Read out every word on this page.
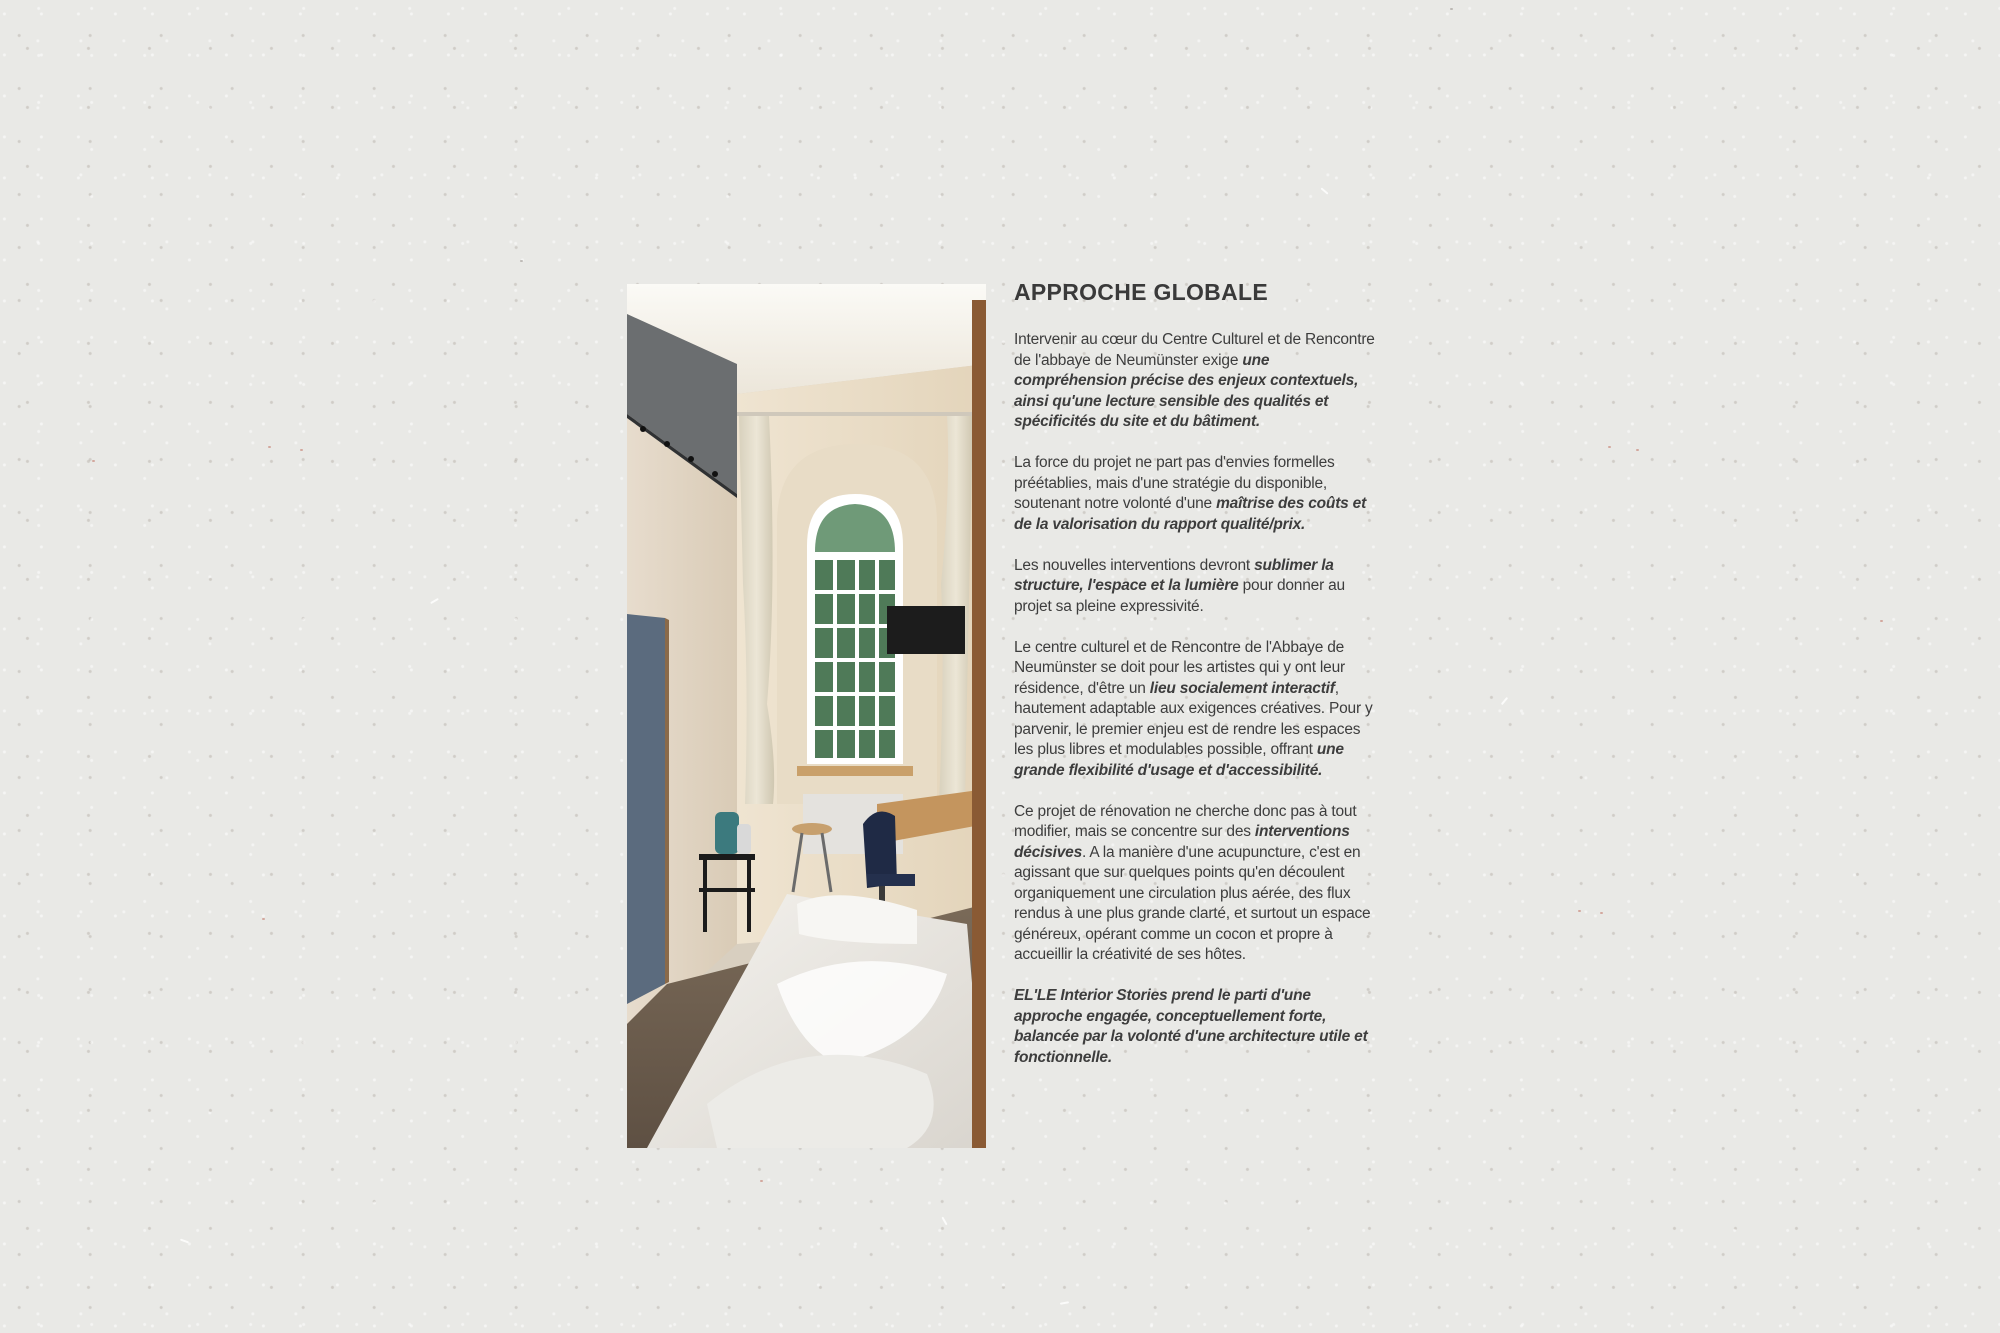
APPROCHE GLOBALE

Intervenir au cœur du Centre Culturel et de Rencontre de l'abbaye de Neumünster exige une compréhension précise des enjeux contextuels, ainsi qu'une lecture sensible des qualités et spécificités du site et du bâtiment.

La force du projet ne part pas d'envies formelles préétablies, mais d'une stratégie du disponible, soutenant notre volonté d'une maîtrise des coûts et de la valorisation du rapport qualité/prix.

Les nouvelles interventions devront sublimer la structure, l'espace et la lumière pour donner au projet sa pleine expressivité.

Le centre culturel et de Rencontre de l'Abbaye de Neumünster se doit pour les artistes qui y ont leur résidence, d'être un lieu socialement interactif, hautement adaptable aux exigences créatives. Pour y parvenir, le premier enjeu est de rendre les espaces les plus libres et modulables possible, offrant une grande flexibilité d'usage et d'accessibilité.

Ce projet de rénovation ne cherche donc pas à tout modifier, mais se concentre sur des interventions décisives. A la manière d'une acupuncture, c'est en agissant que sur quelques points qu'en découlent organiquement une circulation plus aérée, des flux rendus à une plus grande clarté, et surtout un espace généreux, opérant comme un cocon et propre à accueillir la créativité de ses hôtes.

EL'LE Interior Stories prend le parti d'une approche engagée, conceptuellement forte, balancée par la volonté d'une architecture utile et fonctionnelle.
